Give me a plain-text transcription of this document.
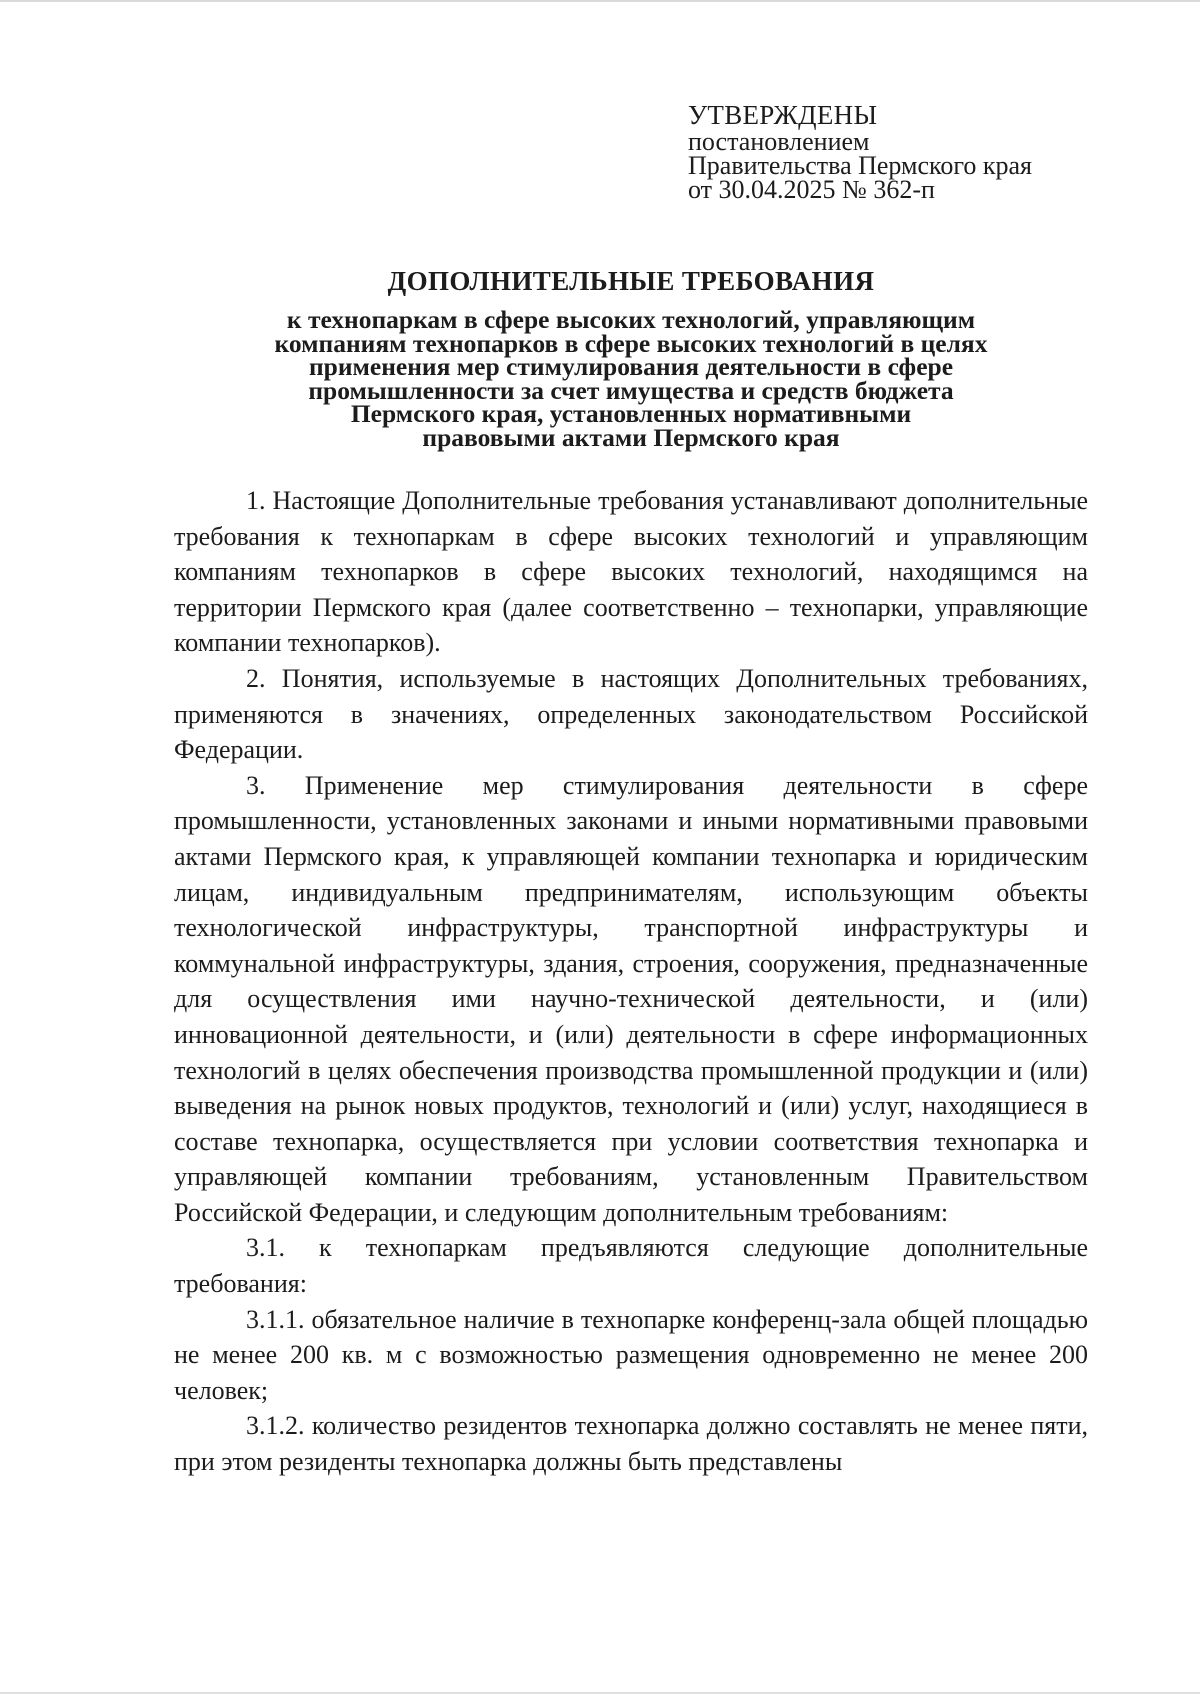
УТВЕРЖДЕНЫ
постановлением
Правительства Пермского края
от 30.04.2025 № 362-п
ДОПОЛНИТЕЛЬНЫЕ ТРЕБОВАНИЯ
к технопаркам в сфере высоких технологий, управляющим
компаниям технопарков в сфере высоких технологий в целях
применения мер стимулирования деятельности в сфере
промышленности за счет имущества и средств бюджета
Пермского края, установленных нормативными
правовыми актами Пермского края

1. Настоящие Дополнительные требования устанавливают дополнительные требования к технопаркам в сфере высоких технологий и управляющим компаниям технопарков в сфере высоких технологий, находящимся на территории Пермского края (далее соответственно – технопарки, управляющие компании технопарков).

2. Понятия, используемые в настоящих Дополнительных требованиях, применяются в значениях, определенных законодательством Российской Федерации.

3. Применение мер стимулирования деятельности в сфере промышленности, установленных законами и иными нормативными правовыми актами Пермского края, к управляющей компании технопарка и юридическим лицам, индивидуальным предпринимателям, использующим объекты технологической инфраструктуры, транспортной инфраструктуры и коммунальной инфраструктуры, здания, строения, сооружения, предназначенные для осуществления ими научно-технической деятельности, и (или) инновационной деятельности, и (или) деятельности в сфере информационных технологий в целях обеспечения производства промышленной продукции и (или) выведения на рынок новых продуктов, технологий и (или) услуг, находящиеся в составе технопарка, осуществляется при условии соответствия технопарка и управляющей компании требованиям, установленным Правительством Российской Федерации, и следующим дополнительным требованиям:

3.1. к технопаркам предъявляются следующие дополнительные требования:

3.1.1. обязательное наличие в технопарке конференц-зала общей площадью не менее 200 кв. м с возможностью размещения одновременно не менее 200 человек;

3.1.2. количество резидентов технопарка должно составлять не менее пяти, при этом резиденты технопарка должны быть представлены
